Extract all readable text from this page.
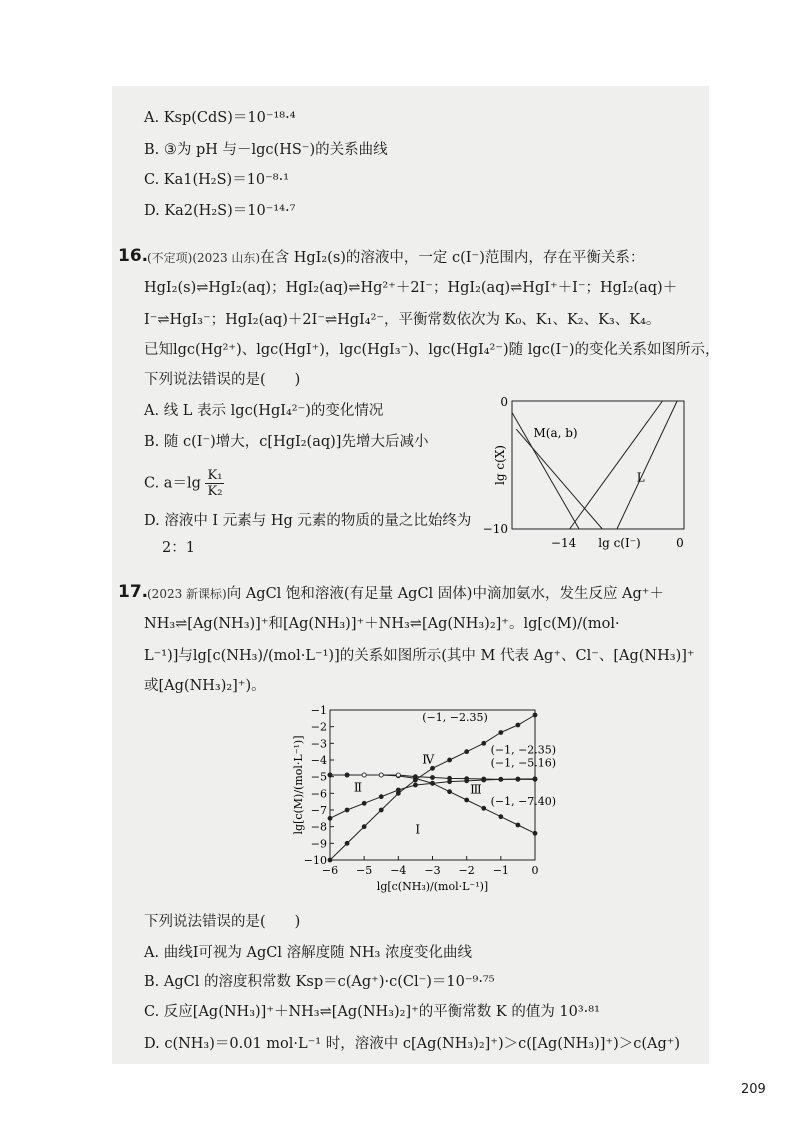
A. Ksp(CdS)＝10⁻¹⁸·⁴
B. ③为 pH 与－lgc(HS⁻)的关系曲线
C. Ka1(H₂S)＝10⁻⁸·¹
D. Ka2(H₂S)＝10⁻¹⁴·⁷
16.
(不定项)(2023 山东)在含 HgI₂(s)的溶液中，一定 c(I⁻)范围内，存在平衡关系：
HgI₂(s)⇌HgI₂(aq)；HgI₂(aq)⇌Hg²⁺＋2I⁻；HgI₂(aq)⇌HgI⁺＋I⁻；HgI₂(aq)＋
I⁻⇌HgI₃⁻；HgI₂(aq)＋2I⁻⇌HgI₄²⁻，平衡常数依次为 K₀、K₁、K₂、K₃、K₄。
已知lgc(Hg²⁺)、lgc(HgI⁺)，lgc(HgI₃⁻)、lgc(HgI₄²⁻)随 lgc(I⁻)的变化关系如图所示，
下列说法错误的是(　　)
A. 线 L 表示 lgc(HgI₄²⁻)的变化情况
B. 随 c(I⁻)增大，c[HgI₂(aq)]先增大后减小
C. $a=\lg \frac{\text{K₁}}{\text{K₂}}$
D. 溶液中 I 元素与 Hg 元素的物质的量之比始终为
2：1
0
−10
−14	0
lg c(I⁻)
lg c(X)
M(a, b)
L
17.
(2023 新课标)向 AgCl 饱和溶液(有足量 AgCl 固体)中滴加氨水，发生反应 Ag⁺＋
NH₃⇌[Ag(NH₃)]⁺和[Ag(NH₃)]⁺＋NH₃⇌[Ag(NH₃)₂]⁺。lg[c(M)/(mol·
L⁻¹)]与lg[c(NH₃)/(mol·L⁻¹)]的关系如图所示(其中 M 代表 Ag⁺、Cl⁻、[Ag(NH₃)]⁺
或[Ag(NH₃)₂]⁺)。
−1
−2
−3
−4
−5
−6
−7
−8
−9
−10
−6 −5 −4 −3 −2 −1 0
lg[c(NH₃)/(mol·L⁻¹)]
lg[c(M)/(mol·L⁻¹)]	Ⅰ
Ⅱ	Ⅲ
Ⅳ
(−1, −2.35)
(−1, −2.35)
(−1, −5.16)
(−1, −7.40)
下列说法错误的是(　　)
A. 曲线Ⅰ可视为 AgCl 溶解度随 NH₃ 浓度变化曲线
B. AgCl 的溶度积常数 Ksp＝c(Ag⁺)·c(Cl⁻)＝10⁻⁹·⁷⁵
C. 反应[Ag(NH₃)]⁺＋NH₃⇌[Ag(NH₃)₂]⁺的平衡常数 K 的值为 10³·⁸¹
D. c(NH₃)＝0.01 mol·L⁻¹ 时，溶液中 c[Ag(NH₃)₂]⁺)＞c([Ag(NH₃)]⁺)＞c(Ag⁺)
209
